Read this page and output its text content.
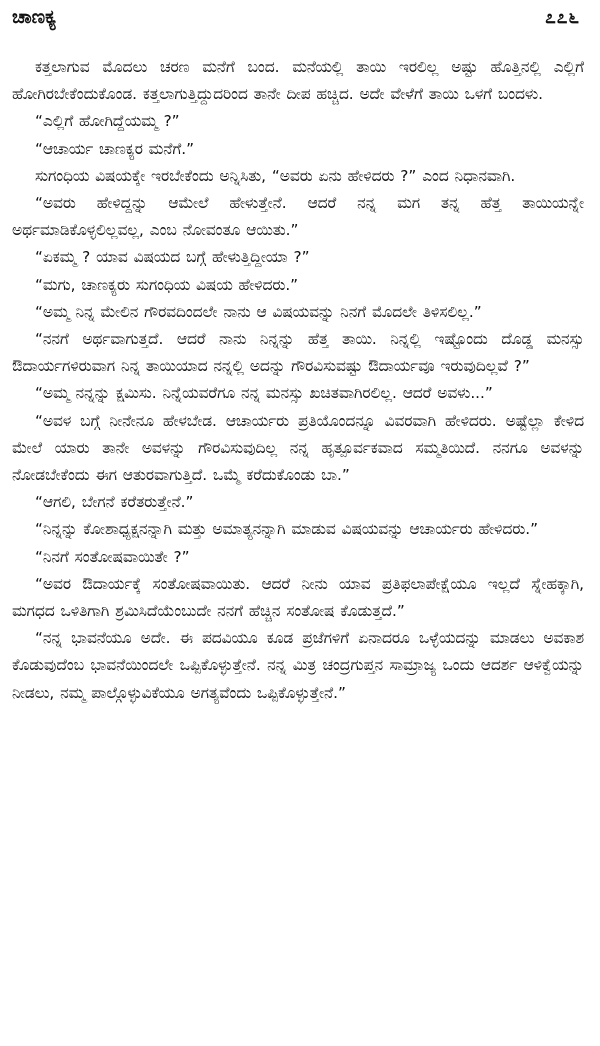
ಚಾಣಕ್ಯ	೭೭೬

ಕತ್ತಲಾಗುವ ಮೊದಲು ಚರಣ ಮನೆಗೆ ಬಂದ. ಮನೆಯಲ್ಲಿ ತಾಯಿ ಇರಲಿಲ್ಲ ಅಷ್ಟು ಹೊತ್ತಿನಲ್ಲಿ ಎಲ್ಲಿಗೆ ಹೋಗಿರಬೇಕೆಂದುಕೊಂಡ. ಕತ್ತಲಾಗುತ್ತಿದ್ದುದರಿಂದ ತಾನೇ ದೀಪ ಹಚ್ಚಿದ. ಅದೇ ವೇಳೆಗೆ ತಾಯಿ ಒಳಗೆ ಬಂದಳು.

“ಎಲ್ಲಿಗೆ ಹೋಗಿದ್ದೆಯಮ್ಮ ?”

“ಆಚಾರ್ಯ ಚಾಣಕ್ಯರ ಮನೆಗೆ.”

ಸುಗಂಧಿಯ ವಿಷಯಕ್ಕೇ ಇರಬೇಕೆಂದು ಅನ್ನಿಸಿತು, “ಅವರು ಏನು ಹೇಳಿದರು ?” ಎಂದ ನಿಧಾನವಾಗಿ.

“ಅವರು ಹೇಳಿದ್ದನ್ನು ಆಮೇಲೆ ಹೇಳುತ್ತೇನೆ. ಆದರೆ ನನ್ನ ಮಗ ತನ್ನ ಹೆತ್ತ ತಾಯಿಯನ್ನೇ ಅರ್ಥಮಾಡಿಕೊಳ್ಳಲಿಲ್ಲವಲ್ಲ, ಎಂಬ ನೋವಂತೂ ಆಯಿತು.”

“ಏಕಮ್ಮ ? ಯಾವ ವಿಷಯದ ಬಗ್ಗೆ ಹೇಳುತ್ತಿದ್ದೀಯಾ ?”

“ಮಗು, ಚಾಣಕ್ಯರು ಸುಗಂಧಿಯ ವಿಷಯ ಹೇಳಿದರು.”

“ಅಮ್ಮ ನಿನ್ನ ಮೇಲಿನ ಗೌರವದಿಂದಲೇ ನಾನು ಆ ವಿಷಯವನ್ನು ನಿನಗೆ ಮೊದಲೇ ತಿಳಿಸಲಿಲ್ಲ.”

“ನನಗೆ ಅರ್ಥವಾಗುತ್ತದೆ. ಆದರೆ ನಾನು ನಿನ್ನನ್ನು ಹೆತ್ತ ತಾಯಿ. ನಿನ್ನಲ್ಲಿ ಇಷ್ಟೊಂದು ದೊಡ್ಡ ಮನಸ್ಸು ಔದಾರ್ಯಗಳಿರುವಾಗ ನಿನ್ನ ತಾಯಿಯಾದ ನನ್ನಲ್ಲಿ ಅದನ್ನು ಗೌರವಿಸುವಷ್ಟು ಔದಾರ್ಯವೂ ಇರುವುದಿಲ್ಲವೆ ?”

“ಅಮ್ಮ ನನ್ನನ್ನು ಕ್ಷಮಿಸು. ನಿನ್ನೆಯವರೆಗೂ ನನ್ನ ಮನಸ್ಸು ಖಚಿತವಾಗಿರಲಿಲ್ಲ. ಆದರೆ ಅವಳು...”

“ಅವಳ ಬಗ್ಗೆ ನೀನೇನೂ ಹೇಳಬೇಡ. ಆಚಾರ್ಯರು ಪ್ರತಿಯೊಂದನ್ನೂ ವಿವರವಾಗಿ ಹೇಳಿದರು. ಅಷ್ಟೆಲ್ಲಾ ಕೇಳಿದ ಮೇಲೆ ಯಾರು ತಾನೇ ಅವಳನ್ನು ಗೌರವಿಸುವುದಿಲ್ಲ ನನ್ನ ಹೃತ್ಪೂರ್ವಕವಾದ ಸಮ್ಮತಿಯಿದೆ. ನನಗೂ ಅವಳನ್ನು ನೋಡಬೇಕೆಂದು ಈಗ ಆತುರವಾಗುತ್ತಿದೆ. ಒಮ್ಮೆ ಕರೆದುಕೊಂಡು ಬಾ.”

“ಆಗಲಿ, ಬೇಗನೆ ಕರೆತರುತ್ತೇನೆ.”

“ನಿನ್ನನ್ನು ಕೋಶಾಧ್ಯಕ್ಷನನ್ನಾಗಿ ಮತ್ತು ಅಮಾತ್ಯನನ್ನಾಗಿ ಮಾಡುವ ವಿಷಯವನ್ನು ಆಚಾರ್ಯರು ಹೇಳಿದರು.”

“ನಿನಗೆ ಸಂತೋಷವಾಯಿತೇ ?”

“ಅವರ ಔದಾರ್ಯಕ್ಕೆ ಸಂತೋಷವಾಯಿತು. ಆದರೆ ನೀನು ಯಾವ ಪ್ರತಿಫಲಾಪೇಕ್ಷೆಯೂ ಇಲ್ಲದೆ ಸ್ನೇಹಕ್ಕಾಗಿ, ಮಗಧದ ಒಳಿತಿಗಾಗಿ ಶ್ರಮಿಸಿದೆಯೆಂಬುದೇ ನನಗೆ ಹೆಚ್ಚಿನ ಸಂತೋಷ ಕೊಡುತ್ತದೆ.”

“ನನ್ನ ಭಾವನೆಯೂ ಅದೇ. ಈ ಪದವಿಯೂ ಕೂಡ ಪ್ರಜೆಗಳಿಗೆ ಏನಾದರೂ ಒಳ್ಳೆಯದನ್ನು ಮಾಡಲು ಅವಕಾಶ ಕೊಡುವುದೆಂಬ ಭಾವನೆಯಿಂದಲೇ ಒಪ್ಪಿಕೊಳ್ಳುತ್ತೇನೆ. ನನ್ನ ಮಿತ್ರ ಚಂದ್ರಗುಪ್ತನ ಸಾಮ್ರಾಜ್ಯ ಒಂದು ಆದರ್ಶ ಆಳಿಕ್ವೆಯನ್ನು ನೀಡಲು, ನಮ್ಮ ಪಾಲ್ಗೊಳ್ಳುವಿಕೆಯೂ ಅಗತ್ಯವೆಂದು ಒಪ್ಪಿಕೊಳ್ಳುತ್ತೇನೆ.”
